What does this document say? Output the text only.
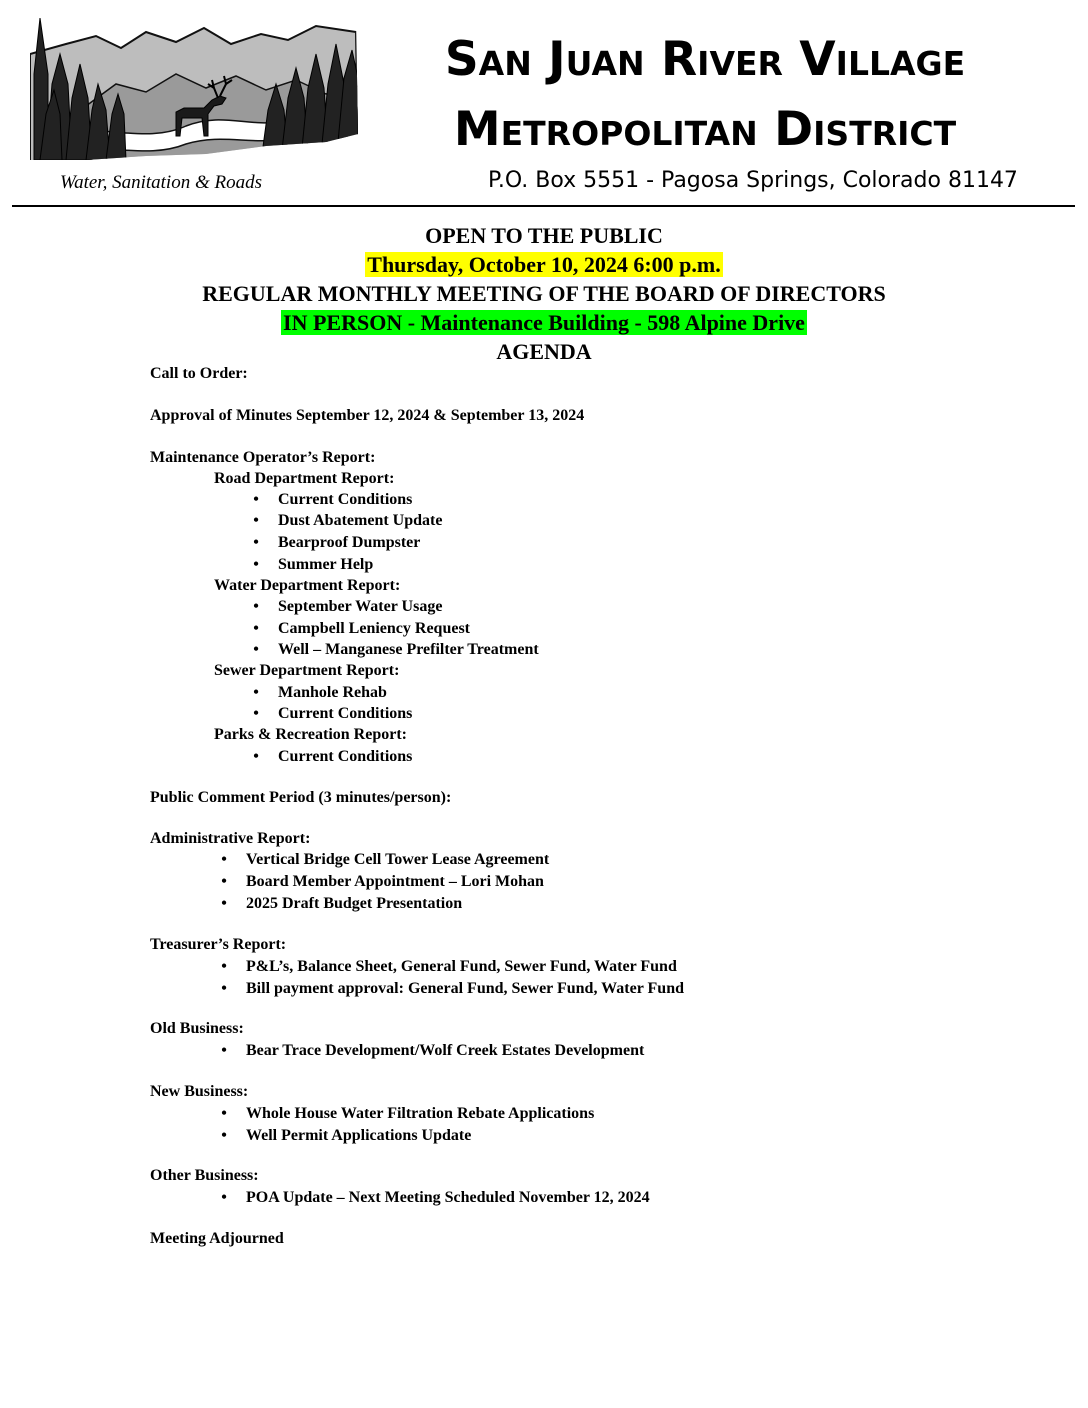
San Juan River Village
Metropolitan District
Water, Sanitation & Roads	P.O. Box 5551 - Pagosa Springs, Colorado 81147
OPEN TO THE PUBLIC
Thursday, October 10, 2024 6:00 p.m.
REGULAR MONTHLY MEETING OF THE BOARD OF DIRECTORS
IN PERSON - Maintenance Building - 598 Alpine Drive
AGENDA
Call to Order:
Approval of Minutes September 12, 2024 & September 13, 2024
Maintenance Operator’s Report:
Road Department Report:
•	Current Conditions
•	Dust Abatement Update
•	Bearproof Dumpster
•	Summer Help
Water Department Report:
•	September Water Usage
•	Campbell Leniency Request
•	Well – Manganese Prefilter Treatment
Sewer Department Report:
•	Manhole Rehab
•	Current Conditions
Parks & Recreation Report:
•	Current Conditions
Public Comment Period (3 minutes/person):
Administrative Report:
•	Vertical Bridge Cell Tower Lease Agreement
•	Board Member Appointment – Lori Mohan
•	2025 Draft Budget Presentation
Treasurer’s Report:
•	P&L’s, Balance Sheet, General Fund, Sewer Fund, Water Fund
•	Bill payment approval: General Fund, Sewer Fund, Water Fund
Old Business:
•	Bear Trace Development/Wolf Creek Estates Development
New Business:
•	Whole House Water Filtration Rebate Applications
•	Well Permit Applications Update
Other Business:
•	POA Update – Next Meeting Scheduled November 12, 2024
Meeting Adjourned
